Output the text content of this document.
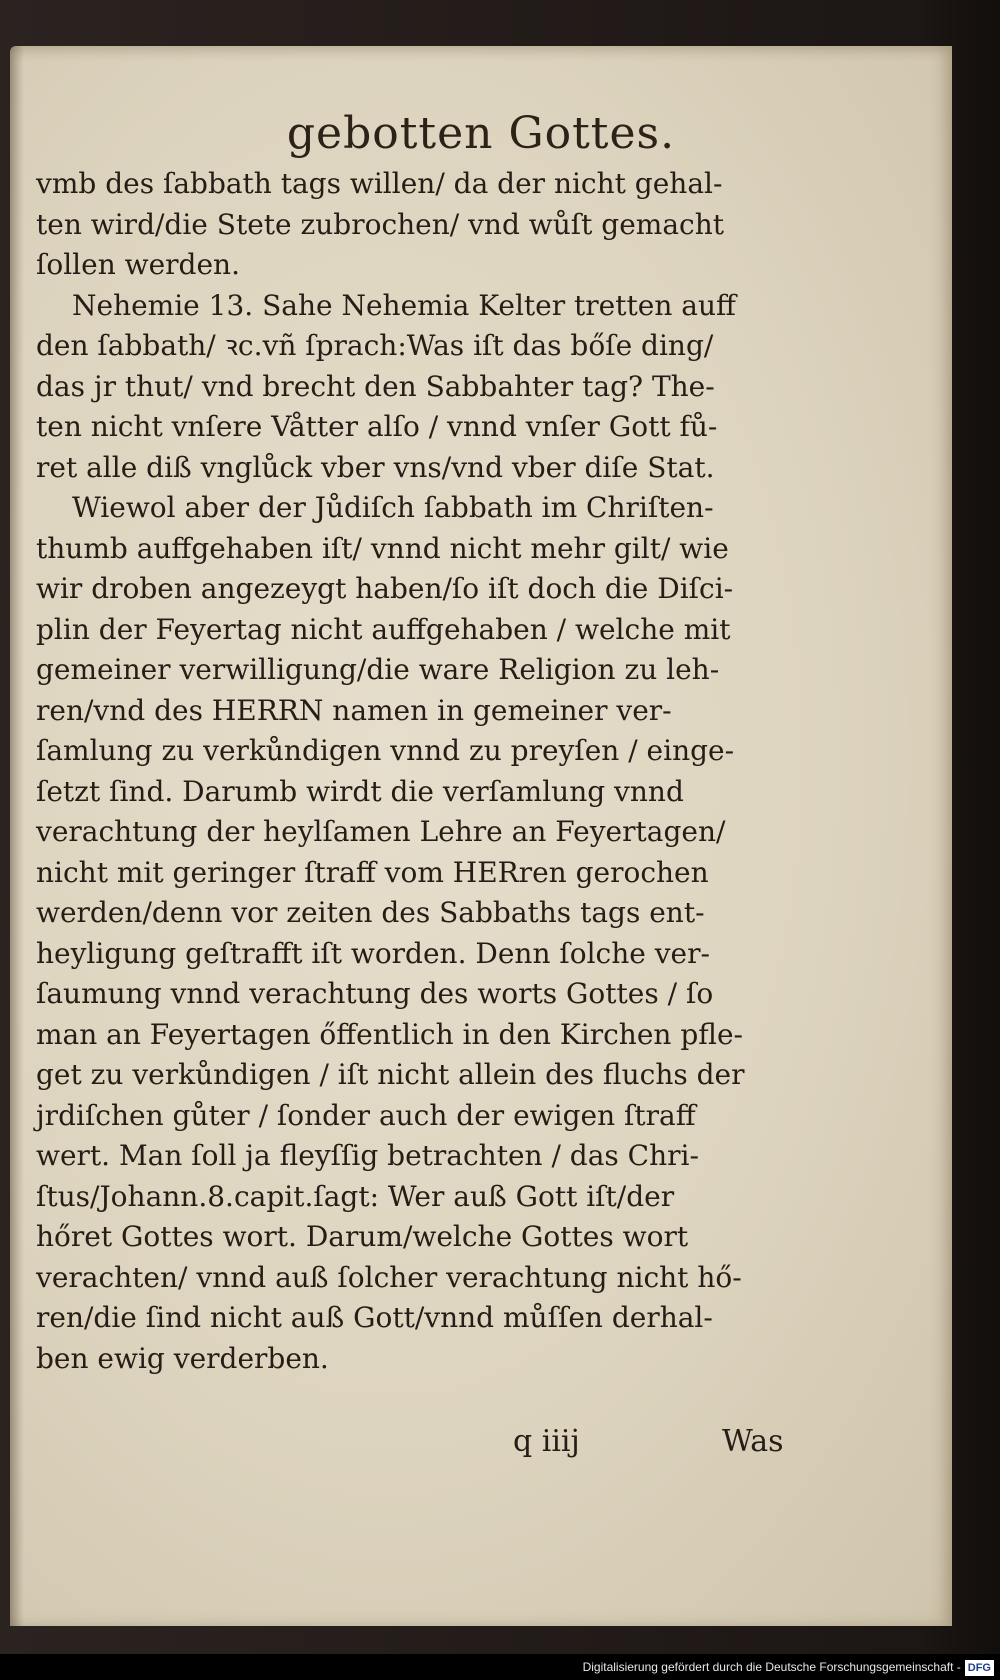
gebotten Gottes.
vmb des ſabbath tags willen/ da der nicht gehal-
ten wird/die Stete zubrochen/ vnd wůſt gemacht
ſollen werden.
Nehemie 13. Sahe Nehemia Kelter tretten auff
den ſabbath/ ꝛc.vñ ſprach:Was iſt das bőſe ding/
das jr thut/ vnd brecht den Sabbahter tag? The-
ten nicht vnſere Våtter alſo / vnnd vnſer Gott fů-
ret alle diß vnglůck vber vns/vnd vber diſe Stat.
Wiewol aber der Jůdiſch ſabbath im Chriſten-
thumb auffgehaben iſt/ vnnd nicht mehr gilt/ wie
wir droben angezeygt haben/ſo iſt doch die Diſci-
plin der Feyertag nicht auffgehaben / welche mit
gemeiner verwilligung/die ware Religion zu leh-
ren/vnd des HERRN namen in gemeiner ver-
ſamlung zu verkůndigen vnnd zu preyſen / einge-
ſetzt ſind. Darumb wirdt die verſamlung vnnd
verachtung der heylſamen Lehre an Feyertagen/
nicht mit geringer ſtraff vom HERren gerochen
werden/denn vor zeiten des Sabbaths tags ent-
heyligung geſtrafft iſt worden. Denn ſolche ver-
ſaumung vnnd verachtung des worts Gottes / ſo
man an Feyertagen őffentlich in den Kirchen pfle-
get zu verkůndigen / iſt nicht allein des fluchs der
jrdiſchen gůter / ſonder auch der ewigen ſtraff
wert. Man ſoll ja fleyſſig betrachten / das Chri-
ſtus/Johann.8.capit.ſagt: Wer auß Gott iſt/der
hőret Gottes wort. Darum/welche Gottes wort
verachten/ vnnd auß ſolcher verachtung nicht hő-
ren/die ſind nicht auß Gott/vnnd můſſen derhal-
ben ewig verderben.
q iiij	Was
Digitalisierung gefördert durch die Deutsche Forschungsgemeinschaft - DFG
